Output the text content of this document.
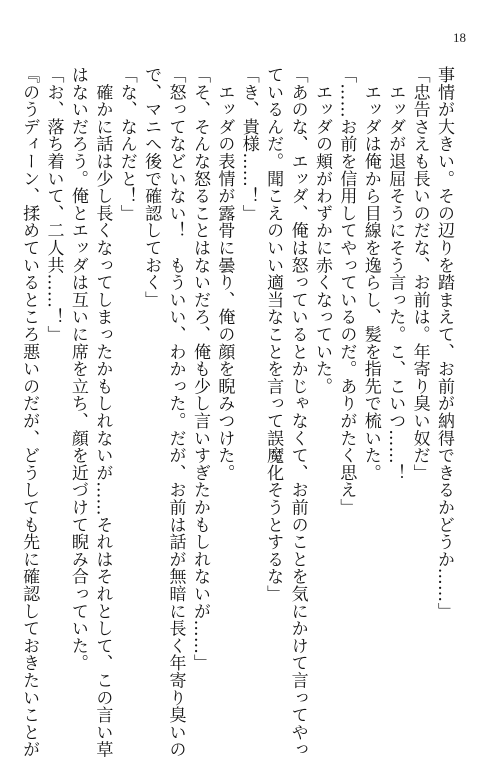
18
事情が大きい。その辺りを踏まえて、お前が納得できるかどうか……」
「忠告さえも長いのだな、お前は。年寄り臭い奴だ」
　エッダが退屈そうにそう言った。こ、こいつ……！
　エッダは俺から目線を逸らし、髪を指先で梳いた。
「……お前を信用してやっているのだ。ありがたく思え」
　エッダの頬がわずかに赤くなっていた。
「あのな、エッダ、俺は怒っているとかじゃなくて、お前のことを気にかけて言ってやっ
ているんだ。聞こえのいい適当なことを言って誤魔化そうとするな」
「き、貴様……！」
　エッダの表情が露骨に曇り、俺の顔を睨みつけた。
「そ、そんな怒ることはないだろ、俺も少し言いすぎたかもしれないが……」
「怒ってなどいない！　もういい、わかった。だが、お前は話が無暗に長く年寄り臭いの
で、マニへ後で確認しておく」
「な、なんだと！」
　確かに話は少し長くなってしまったかもしれないが……それはそれとして、この言い草
はないだろう。俺とエッダは互いに席を立ち、顔を近づけて睨み合っていた。
「お、落ち着いて、二人共……！」
『のうディーン、揉めているところ悪いのだが、どうしても先に確認しておきたいことが
